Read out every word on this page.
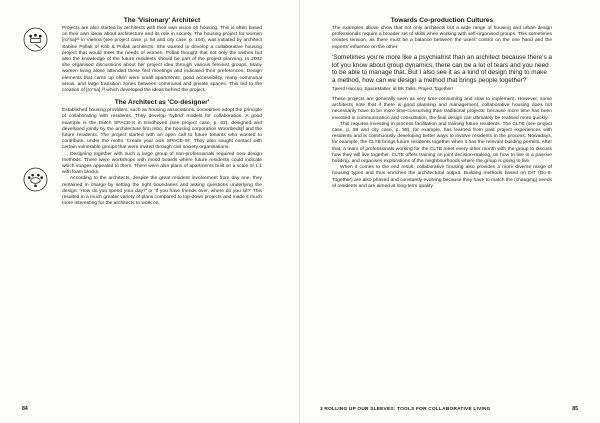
The 'Visionary' Architect

Projects are also started by architects with their own vision on housing. This is often based on their own ideas about architecture and its role in society. The housing project for women [ro*sa]²² in Vienna (see project case, p. 54 and city case, p. 104), was initiated by architect Sabine Pollak of Köb & Pollak architects. She wanted to develop a collaborative housing project that would meet the needs of women. Pollak thought that not only the wishes but also the knowledge of the future residents should be part of the project planning. In 2002 she organised discussions about her project idea through various feminist groups. Many women living alone attended these first meetings and indicated their preferences. Design elements that came up often were small apartments, good accessibility, many communal areas, and large transition zones between communal and private spaces. This led to the creation of [ro*sa],²³ which developed the ideas behind the project.

The Architect as 'Co-designer'

Established housing providers, such as housing associations, sometimes adopt the principle of collaborating with residents. They develop 'hybrid' models for collaboration. A good example is the Dutch SPACE-S in Eindhoven (see project case, p. 62), designed and developed jointly by the architecture firm Inbo, the housing corporation Woonbedrijf and the future residents. The project started with an open call to future tenants who wanted to contribute, under the motto 'Create your own SPACE-S!'. They also sought contact with certain vulnerable groups that were invited through civil society organisations.

Designing together with such a large group of non-professionals required new design methods. There were workshops with mood boards where future residents could indicate which images appealed to them. There were also plans of apartments built on a scale of 1:1 with foam blocks.

According to the architects, despite the great resident involvement from day one, they remained in charge by setting the right boundaries and asking questions underlying the design: 'How do you spend your day?' or 'If you have friends over, where do you sit?' This resulted in a much greater variety of plans compared to top-down projects and made it much more interesting for the architects to work on.

84
Towards Co-production Cultures

The examples above show that not only architects but a wide range of housing and urban design professionals require a broader set of skills when working with self-organised groups. This sometimes creates tension, as there must be a balance between the users' control on the one hand and the experts' influence on the other.

'Sometimes you're more like a psychiatrist than an architect because there's a lot you know about group dynamics, there can be a lot of tears and you need to be able to manage that. But I also see it as a kind of design thing to make a method, how can we design a method that brings people together?'

Tjeerd Haccou, SpaceMatter, at BK Talks, Project Together!

These projects are generally seen as very time-consuming and slow to implement. However, some architects note that if there is good planning and management, collaborative housing does not necessarily have to be more time-consuming than traditional projects: because more time has been invested in communication and consultation, the final design can ultimately be realised more quickly.

This requires investing in process facilitation and training future residents. The CLTB (see project case, p. 58 and city case, p. 98), for example, has learned from past project experiences with residents and is continuously developing better ways to involve residents in the process. Nowadays, for example, the CLTB brings future residents together when it has the relevant building permits. After that, a team of professionals working for the CLTB meet every other month with the group to discuss how they will live together. CLTB offers training on joint decision-making, on how to live in a passive building, and organises explorations of the neighbourhoods where the group is going to live.

When it comes to the end result, collaborative housing also provides a more diverse range of housing types and thus enriches the architectural output. Building methods based on DIT (Do-It-Together) are also phased and constantly evolving because they have to match the (changing) needs of residents and are aimed at long-term quality.

3 ROLLING UP OUR SLEEVES: TOOLS FOR COLLABORATIVE LIVING	85
